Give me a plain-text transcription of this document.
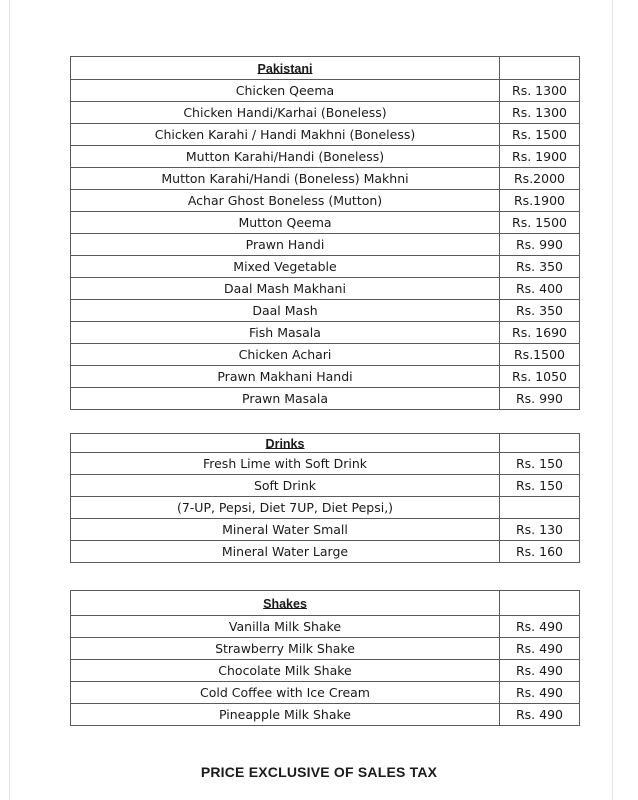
Pakistani	
Chicken Qeema	Rs. 1300
Chicken Handi/Karhai (Boneless)	Rs. 1300
Chicken Karahi / Handi Makhni (Boneless)	Rs. 1500
Mutton Karahi/Handi (Boneless)	Rs. 1900
Mutton Karahi/Handi (Boneless) Makhni	Rs.2000
Achar Ghost Boneless (Mutton)	Rs.1900
Mutton Qeema	Rs. 1500
Prawn Handi	Rs. 990
Mixed Vegetable	Rs. 350
Daal Mash Makhani	Rs. 400
Daal Mash	Rs. 350
Fish Masala	Rs. 1690
Chicken Achari	Rs.1500
Prawn Makhani Handi	Rs. 1050
Prawn Masala	Rs. 990
Drinks	
Fresh Lime with Soft Drink	Rs. 150
Soft Drink	Rs. 150
(7-UP, Pepsi, Diet 7UP, Diet Pepsi,)	
Mineral Water Small	Rs. 130
Mineral Water Large	Rs. 160
Shakes	
Vanilla Milk Shake	Rs. 490
Strawberry Milk Shake	Rs. 490
Chocolate Milk Shake	Rs. 490
Cold Coffee with Ice Cream	Rs. 490
Pineapple Milk Shake	Rs. 490
PRICE EXCLUSIVE OF SALES TAX
